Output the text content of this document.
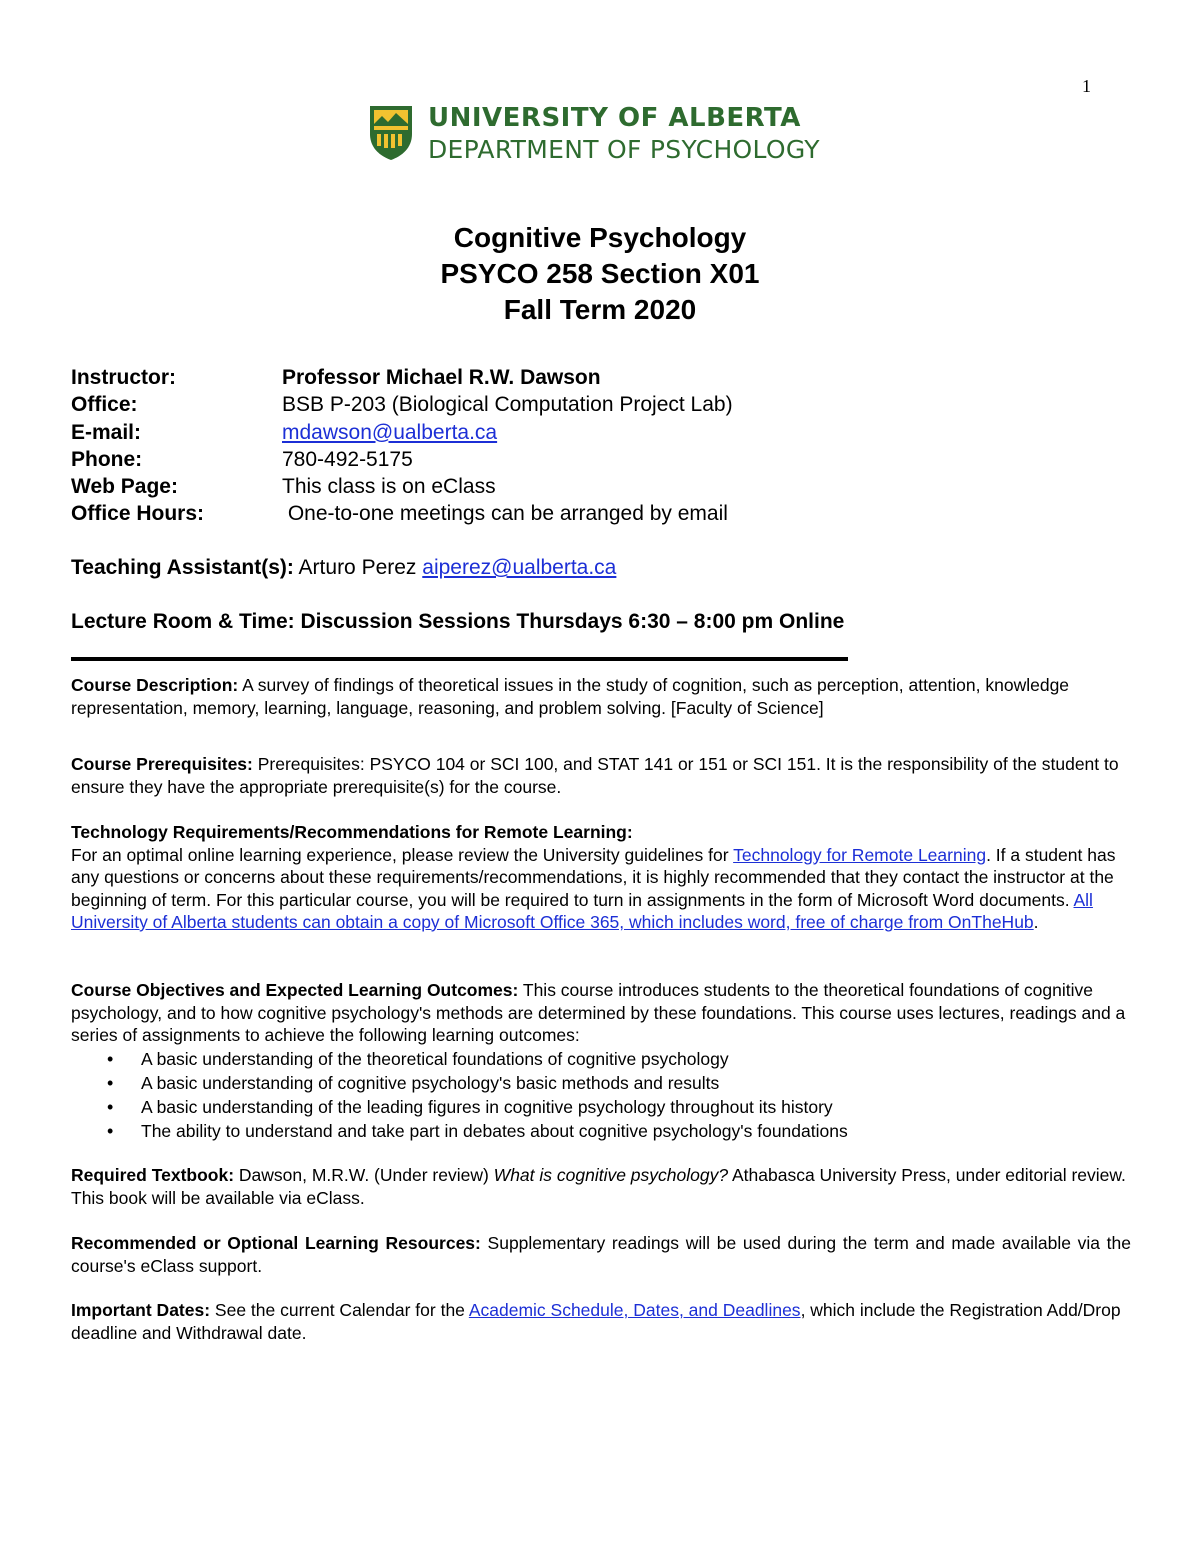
1
UNIVERSITY OF ALBERTA
DEPARTMENT OF PSYCHOLOGY
Cognitive Psychology
PSYCO 258 Section X01
Fall Term 2020
Instructor:	Professor Michael R.W. Dawson
Office:	BSB P-203 (Biological Computation Project Lab)
E-mail:	mdawson@ualberta.ca
Phone:	780-492-5175
Web Page:	This class is on eClass
Office Hours:	One-to-one meetings can be arranged by email
Teaching Assistant(s): Arturo Perez aiperez@ualberta.ca
Lecture Room & Time: Discussion Sessions Thursdays 6:30 – 8:00 pm Online

Course Description: A survey of findings of theoretical issues in the study of cognition, such as perception, attention, knowledge representation, memory, learning, language, reasoning, and problem solving. [Faculty of Science]

Course Prerequisites: Prerequisites: PSYCO 104 or SCI 100, and STAT 141 or 151 or SCI 151. It is the responsibility of the student to ensure they have the appropriate prerequisite(s) for the course.

Technology Requirements/Recommendations for Remote Learning:

For an optimal online learning experience, please review the University guidelines for Technology for Remote Learning. If a student has any questions or concerns about these requirements/recommendations, it is highly recommended that they contact the instructor at the beginning of term. For this particular course, you will be required to turn in assignments in the form of Microsoft Word documents. All University of Alberta students can obtain a copy of Microsoft Office 365, which includes word, free of charge from OnTheHub.

Course Objectives and Expected Learning Outcomes: This course introduces students to the theoretical foundations of cognitive psychology, and to how cognitive psychology's methods are determined by these foundations. This course uses lectures, readings and a series of assignments to achieve the following learning outcomes:

• A basic understanding of the theoretical foundations of cognitive psychology
• A basic understanding of cognitive psychology's basic methods and results
• A basic understanding of the leading figures in cognitive psychology throughout its history
• The ability to understand and take part in debates about cognitive psychology's foundations

Required Textbook: Dawson, M.R.W. (Under review) What is cognitive psychology? Athabasca University Press, under editorial review. This book will be available via eClass.

Recommended or Optional Learning Resources: Supplementary readings will be used during the term and made available via the course's eClass support.

Important Dates: See the current Calendar for the Academic Schedule, Dates, and Deadlines, which include the Registration Add/Drop deadline and Withdrawal date.
